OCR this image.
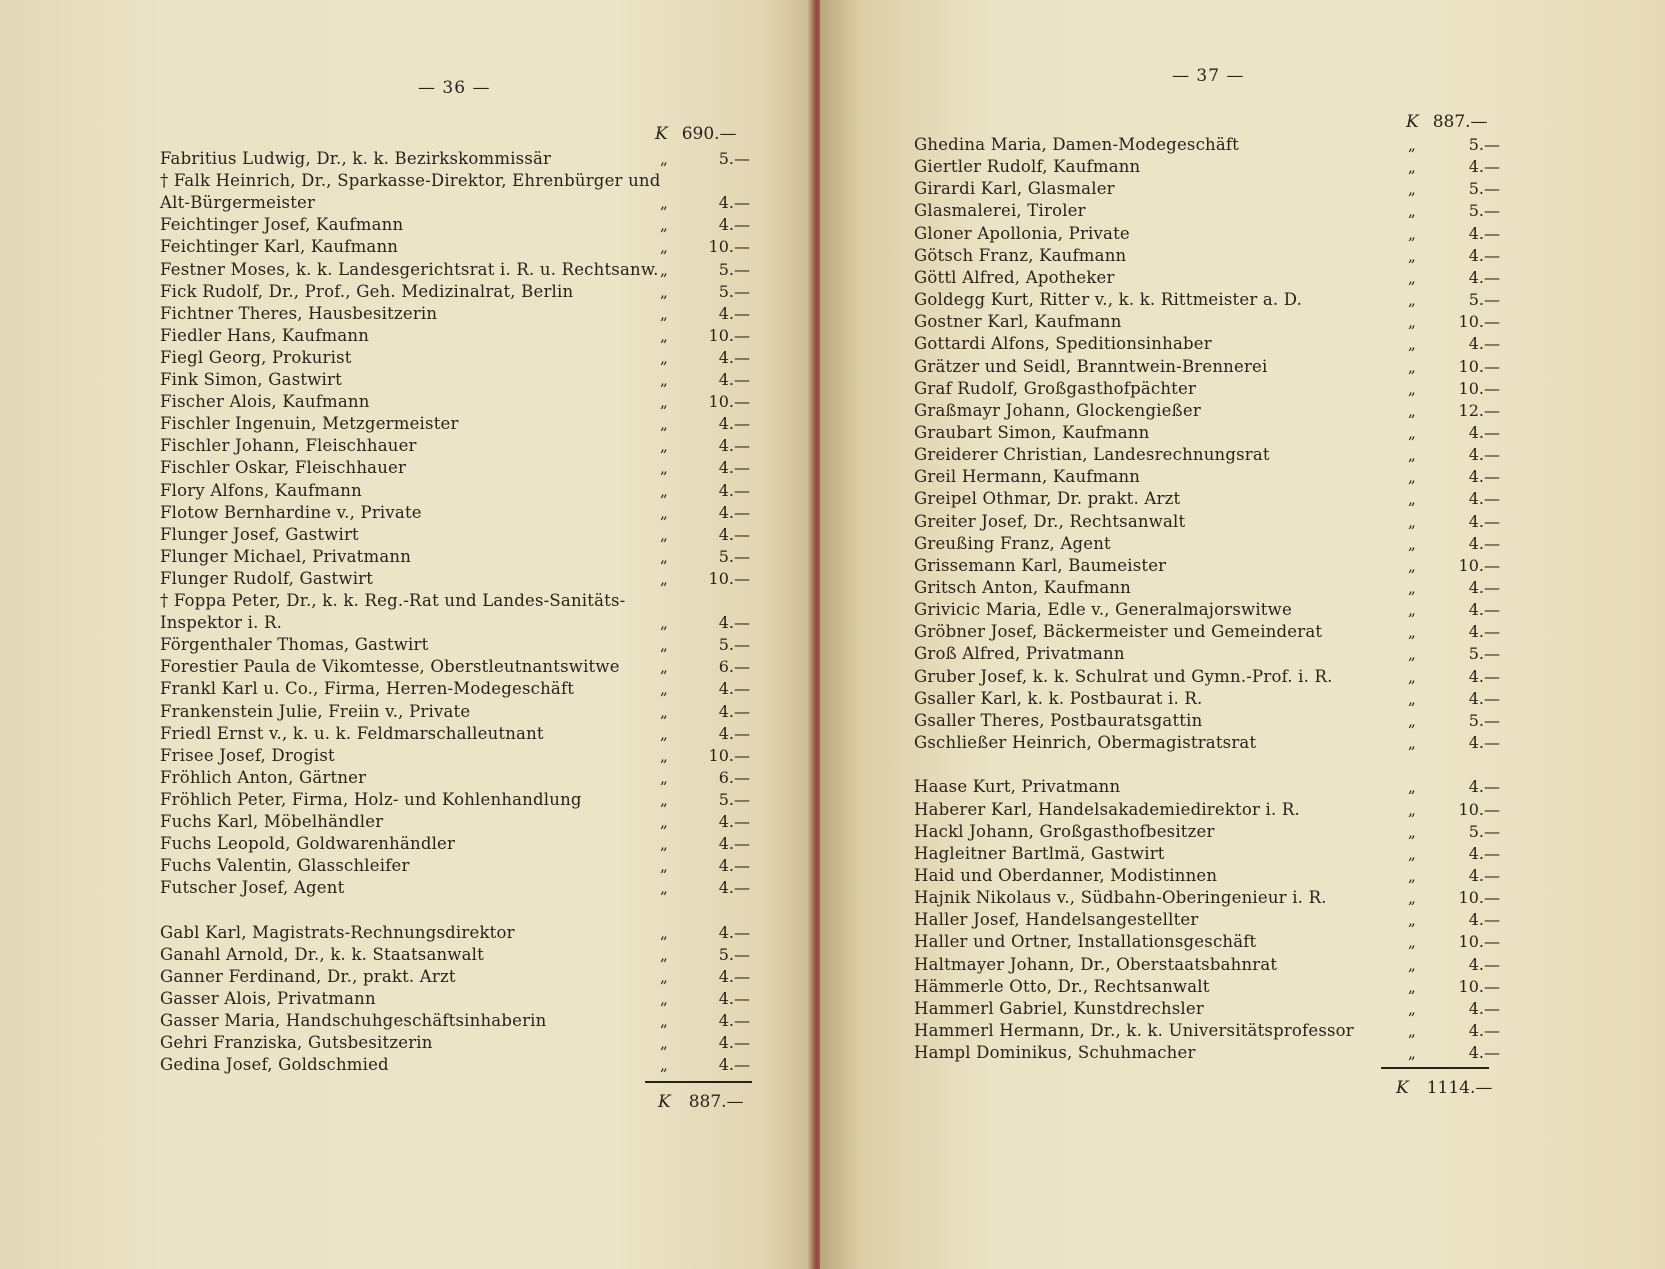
— 36 —
K 690.—
K 887.—
— 37 —
K 887.—
K 1114.—
Fabritius Ludwig, Dr., k. k. Bezirkskommissär	„	5.—
† Falk Heinrich, Dr., Sparkasse-Direktor, Ehrenbürger und
Alt-Bürgermeister	„	4.—
Feichtinger Josef, Kaufmann	„	4.—
Feichtinger Karl, Kaufmann	„	10.—
Festner Moses, k. k. Landesgerichtsrat i. R. u. Rechtsanw. „	5.—
Fick Rudolf, Dr., Prof., Geh. Medizinalrat, Berlin	„	5.—
Fichtner Theres, Hausbesitzerin	„	4.—
Fiedler Hans, Kaufmann	„	10.—
Fiegl Georg, Prokurist	„	4.—
Fink Simon, Gastwirt	„	4.—
Fischer Alois, Kaufmann	„	10.—
Fischler Ingenuin, Metzgermeister	„	4.—
Fischler Johann, Fleischhauer	„	4.—
Fischler Oskar, Fleischhauer	„	4.—
Flory Alfons, Kaufmann	„	4.—
Flotow Bernhardine v., Private	„	4.—
Flunger Josef, Gastwirt	„	4.—
Flunger Michael, Privatmann	„	5.—
Flunger Rudolf, Gastwirt	„	10.—
† Foppa Peter, Dr., k. k. Reg.-Rat und Landes-Sanitäts-
Inspektor i. R.	„	4.—
Förgenthaler Thomas, Gastwirt	„	5.—
Forestier Paula de Vikomtesse, Oberstleutnantswitwe	„	6.—
Frankl Karl u. Co., Firma, Herren-Modegeschäft	„	4.—
Frankenstein Julie, Freiin v., Private	„	4.—
Friedl Ernst v., k. u. k. Feldmarschalleutnant	„	4.—
Frisee Josef, Drogist	„	10.—
Fröhlich Anton, Gärtner	„	6.—
Fröhlich Peter, Firma, Holz- und Kohlenhandlung	„	5.—
Fuchs Karl, Möbelhändler	„	4.—
Fuchs Leopold, Goldwarenhändler	„	4.—
Fuchs Valentin, Glasschleifer	„	4.—
Futscher Josef, Agent	„	4.—
Gabl Karl, Magistrats-Rechnungsdirektor	„	4.—
Ganahl Arnold, Dr., k. k. Staatsanwalt	„	5.—
Ganner Ferdinand, Dr., prakt. Arzt	„	4.—
Gasser Alois, Privatmann	„	4.—
Gasser Maria, Handschuhgeschäftsinhaberin	„	4.—
Gehri Franziska, Gutsbesitzerin	„	4.—
Gedina Josef, Goldschmied	„	4.—
Ghedina Maria, Damen-Modegeschäft	„	5.—
Giertler Rudolf, Kaufmann	„	4.—
Girardi Karl, Glasmaler	„	5.—
Glasmalerei, Tiroler	„	5.—
Gloner Apollonia, Private	„	4.—
Götsch Franz, Kaufmann	„	4.—
Göttl Alfred, Apotheker	„	4.—
Goldegg Kurt, Ritter v., k. k. Rittmeister a. D.	„	5.—
Gostner Karl, Kaufmann	„	10.—
Gottardi Alfons, Speditionsinhaber	„	4.—
Grätzer und Seidl, Branntwein-Brennerei	„	10.—
Graf Rudolf, Großgasthofpächter	„	10.—
Graßmayr Johann, Glockengießer	„	12.—
Graubart Simon, Kaufmann	„	4.—
Greiderer Christian, Landesrechnungsrat	„	4.—
Greil Hermann, Kaufmann	„	4.—
Greipel Othmar, Dr. prakt. Arzt	„	4.—
Greiter Josef, Dr., Rechtsanwalt	„	4.—
Greußing Franz, Agent	„	4.—
Grissemann Karl, Baumeister	„	10.—
Gritsch Anton, Kaufmann	„	4.—
Grivicic Maria, Edle v., Generalmajorswitwe	„	4.—
Gröbner Josef, Bäckermeister und Gemeinderat	„	4.—
Groß Alfred, Privatmann	„	5.—
Gruber Josef, k. k. Schulrat und Gymn.-Prof. i. R.	„	4.—
Gsaller Karl, k. k. Postbaurat i. R.	„	4.—
Gsaller Theres, Postbauratsgattin	„	5.—
Gschließer Heinrich, Obermagistratsrat	„	4.—
Haase Kurt, Privatmann	„	4.—
Haberer Karl, Handelsakademiedirektor i. R.	„	10.—
Hackl Johann, Großgasthofbesitzer	„	5.—
Hagleitner Bartlmä, Gastwirt	„	4.—
Haid und Oberdanner, Modistinnen	„	4.—
Hajnik Nikolaus v., Südbahn-Oberingenieur i. R.	„	10.—
Haller Josef, Handelsangestellter	„	4.—
Haller und Ortner, Installationsgeschäft	„	10.—
Haltmayer Johann, Dr., Oberstaatsbahnrat	„	4.—
Hämmerle Otto, Dr., Rechtsanwalt	„	10.—
Hammerl Gabriel, Kunstdrechsler	„	4.—
Hammerl Hermann, Dr., k. k. Universitätsprofessor	„	4.—
Hampl Dominikus, Schuhmacher	„	4.—
